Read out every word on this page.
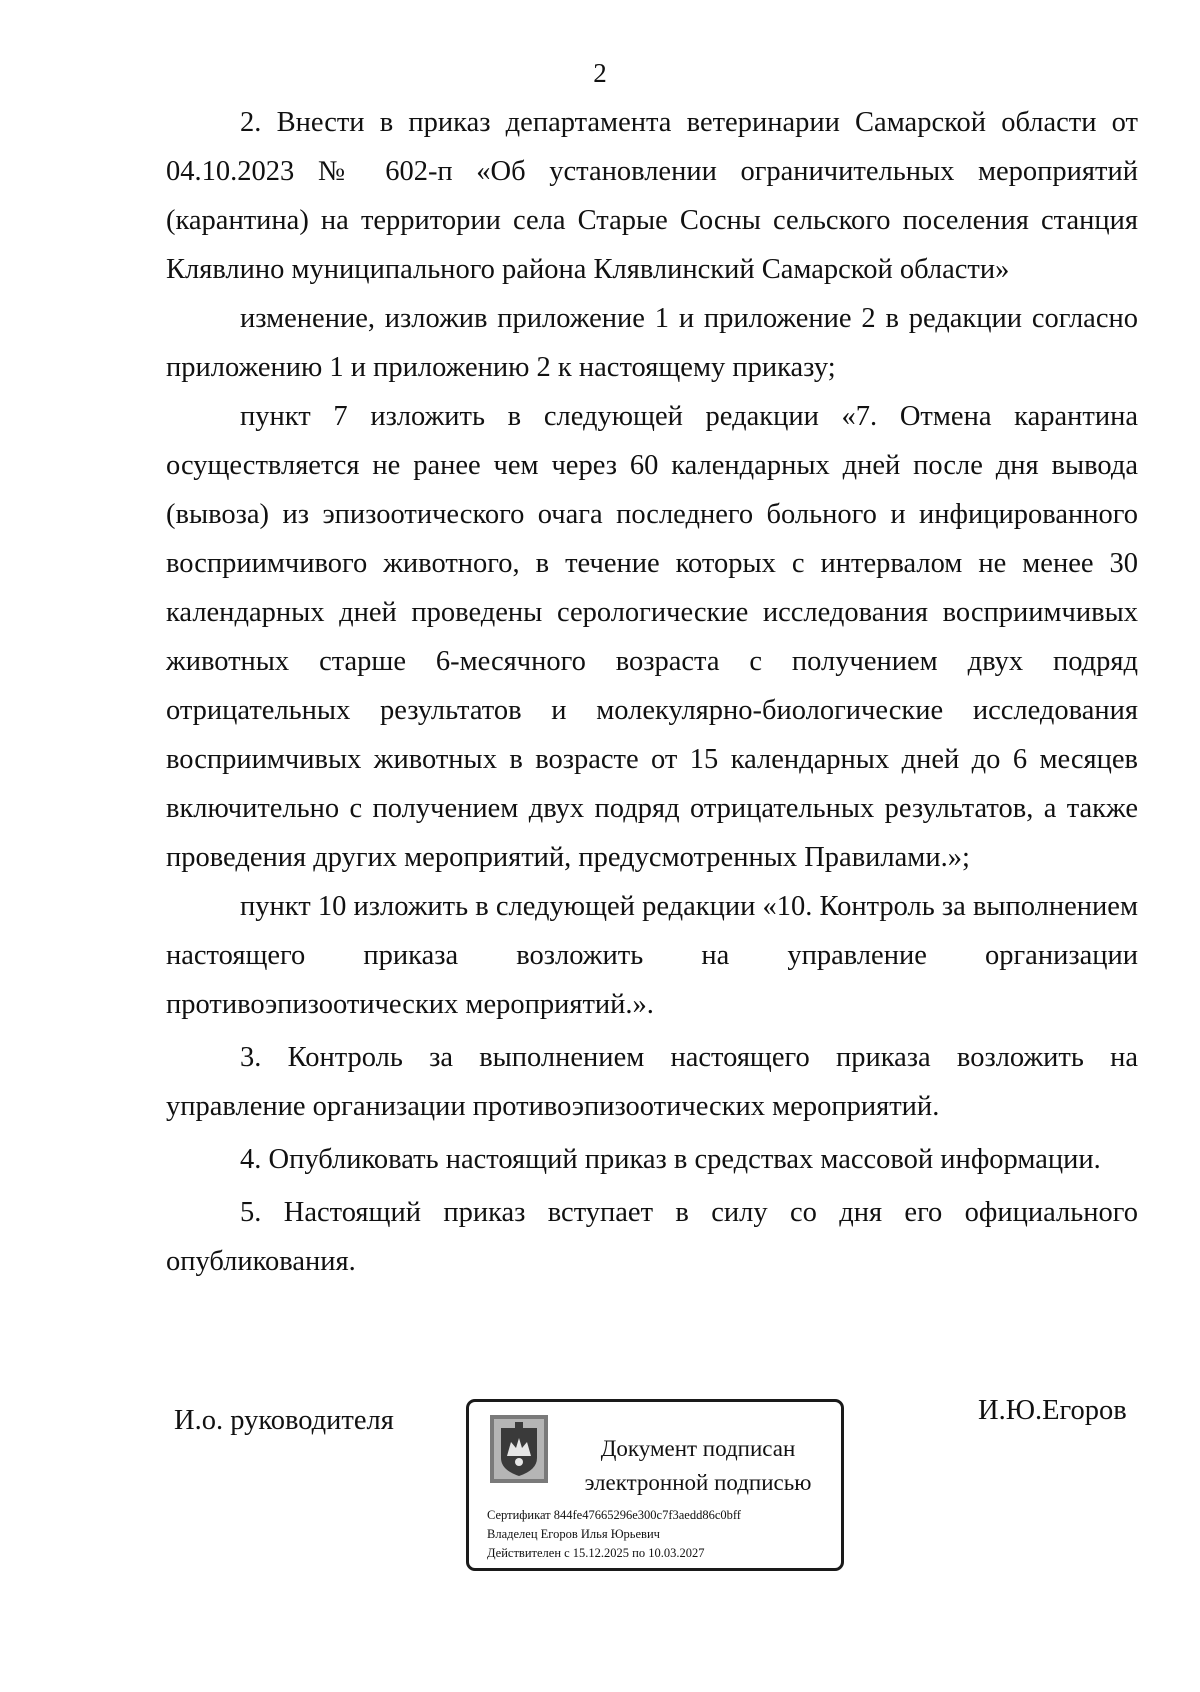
2

2. Внести в приказ департамента ветеринарии Самарской области от 04.10.2023 № 602-п «Об установлении ограничительных мероприятий (карантина) на территории села Старые Сосны сельского поселения станция Клявлино муниципального района Клявлинский Самарской области»

изменение, изложив приложение 1 и приложение 2 в редакции согласно приложению 1 и приложению 2 к настоящему приказу;

пункт 7 изложить в следующей редакции «7. Отмена карантина осуществляется не ранее чем через 60 календарных дней после дня вывода (вывоза) из эпизоотического очага последнего больного и инфицированного восприимчивого животного, в течение которых с интервалом не менее 30 календарных дней проведены серологические исследования восприимчивых животных старше 6-месячного возраста с получением двух подряд отрицательных результатов и молекулярно-биологические исследования восприимчивых животных в возрасте от 15 календарных дней до 6 месяцев включительно с получением двух подряд отрицательных результатов, а также проведения других мероприятий, предусмотренных Правилами.»;

пункт 10 изложить в следующей редакции «10. Контроль за выполнением настоящего приказа возложить на управление организации противоэпизоотических мероприятий.».

3. Контроль за выполнением настоящего приказа возложить на управление организации противоэпизоотических мероприятий.

4. Опубликовать настоящий приказ в средствах массовой информации.

5. Настоящий приказ вступает в силу со дня его официального опубликования.

И.о. руководителя
Документ подписан
электронной подписью
Сертификат 844fe47665296e300c7f3aedd86c0bff
Владелец Егоров Илья Юрьевич
Действителен с 15.12.2025 по 10.03.2027
И.Ю.Егоров
